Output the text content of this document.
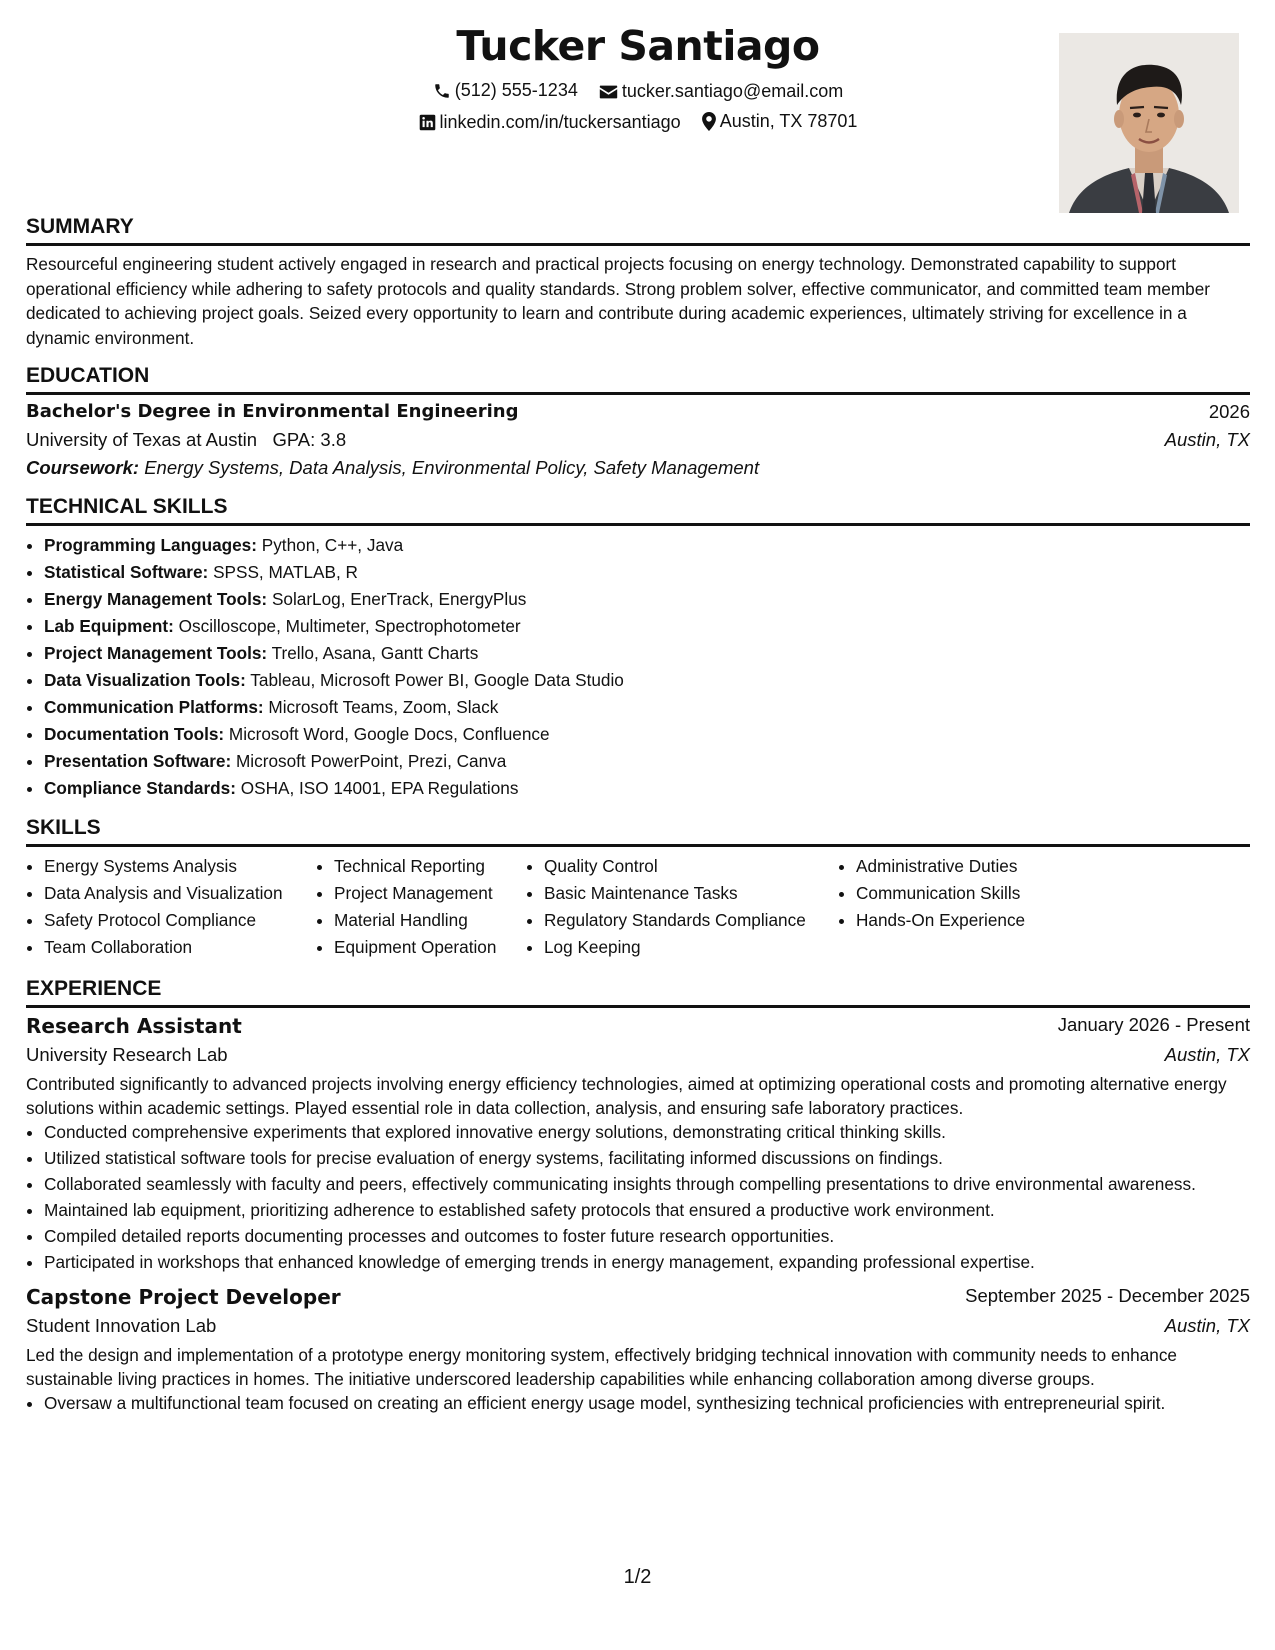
Tucker Santiago
(512) 555-1234
tucker.santiago@email.com
linkedin.com/in/tuckersantiago
Austin, TX 78701
SUMMARY

Resourceful engineering student actively engaged in research and practical projects focusing on energy technology. Demonstrated capability to support operational efficiency while adhering to safety protocols and quality standards. Strong problem solver, effective communicator, and committed team member dedicated to achieving project goals. Seized every opportunity to learn and contribute during academic experiences, ultimately striving for excellence in a dynamic environment.

EDUCATION
Bachelor's Degree in Environmental Engineering	2026
University of Texas at Austin GPA: 3.8	Austin, TX
Coursework: Energy Systems, Data Analysis, Environmental Policy, Safety Management
TECHNICAL SKILLS
• Programming Languages: Python, C++, Java
• Statistical Software: SPSS, MATLAB, R
• Energy Management Tools: SolarLog, EnerTrack, EnergyPlus
• Lab Equipment: Oscilloscope, Multimeter, Spectrophotometer
• Project Management Tools: Trello, Asana, Gantt Charts
• Data Visualization Tools: Tableau, Microsoft Power BI, Google Data Studio
• Communication Platforms: Microsoft Teams, Zoom, Slack
• Documentation Tools: Microsoft Word, Google Docs, Confluence
• Presentation Software: Microsoft PowerPoint, Prezi, Canva
• Compliance Standards: OSHA, ISO 14001, EPA Regulations
SKILLS
• Energy Systems Analysis
• Data Analysis and Visualization
• Safety Protocol Compliance
• Team Collaboration
• Technical Reporting
• Project Management
• Material Handling
• Equipment Operation
• Quality Control
• Basic Maintenance Tasks
• Regulatory Standards Compliance
• Log Keeping
• Administrative Duties
• Communication Skills
• Hands-On Experience
EXPERIENCE
Research Assistant	January 2026 - Present
University Research Lab	Austin, TX

Contributed significantly to advanced projects involving energy efficiency technologies, aimed at optimizing operational costs and promoting alternative energy solutions within academic settings. Played essential role in data collection, analysis, and ensuring safe laboratory practices.

• Conducted comprehensive experiments that explored innovative energy solutions, demonstrating critical thinking skills.
• Utilized statistical software tools for precise evaluation of energy systems, facilitating informed discussions on findings.
• Collaborated seamlessly with faculty and peers, effectively communicating insights through compelling presentations to drive environmental awareness.
• Maintained lab equipment, prioritizing adherence to established safety protocols that ensured a productive work environment.
• Compiled detailed reports documenting processes and outcomes to foster future research opportunities.
• Participated in workshops that enhanced knowledge of emerging trends in energy management, expanding professional expertise.
Capstone Project Developer	September 2025 - December 2025
Student Innovation Lab	Austin, TX

Led the design and implementation of a prototype energy monitoring system, effectively bridging technical innovation with community needs to enhance sustainable living practices in homes. The initiative underscored leadership capabilities while enhancing collaboration among diverse groups.

• Oversaw a multifunctional team focused on creating an efficient energy usage model, synthesizing technical proficiencies with entrepreneurial spirit.
1/2
